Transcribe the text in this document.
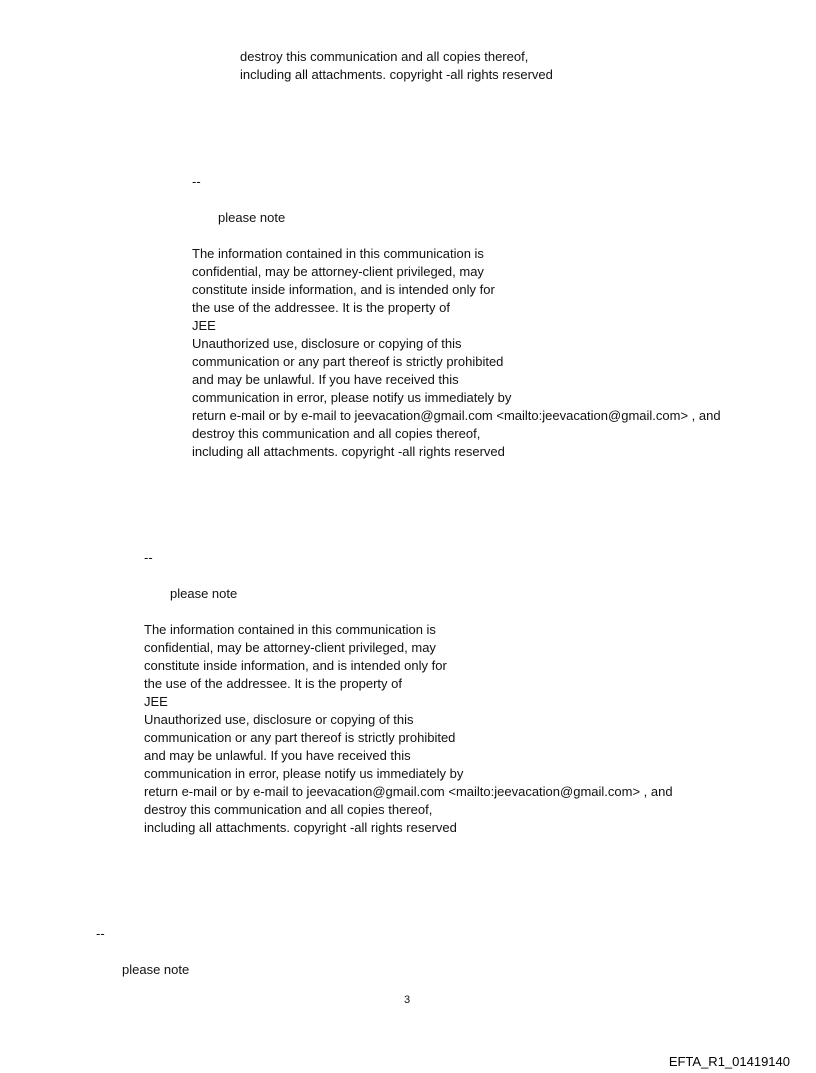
destroy this communication and all copies thereof,
including all attachments. copyright -all rights reserved
--
please note
The information contained in this communication is
confidential, may be attorney-client privileged, may
constitute inside information, and is intended only for
the use of the addressee. It is the property of
JEE
Unauthorized use, disclosure or copying of this
communication or any part thereof is strictly prohibited
and may be unlawful. If you have received this
communication in error, please notify us immediately by
return e-mail or by e-mail to jeevacation@gmail.com <mailto:jeevacation@gmail.com> , and
destroy this communication and all copies thereof,
including all attachments. copyright -all rights reserved
--
please note
The information contained in this communication is
confidential, may be attorney-client privileged, may
constitute inside information, and is intended only for
the use of the addressee. It is the property of
JEE
Unauthorized use, disclosure or copying of this
communication or any part thereof is strictly prohibited
and may be unlawful. If you have received this
communication in error, please notify us immediately by
return e-mail or by e-mail to jeevacation@gmail.com <mailto:jeevacation@gmail.com> , and
destroy this communication and all copies thereof,
including all attachments. copyright -all rights reserved
--
please note
3
EFTA_R1_01419140
